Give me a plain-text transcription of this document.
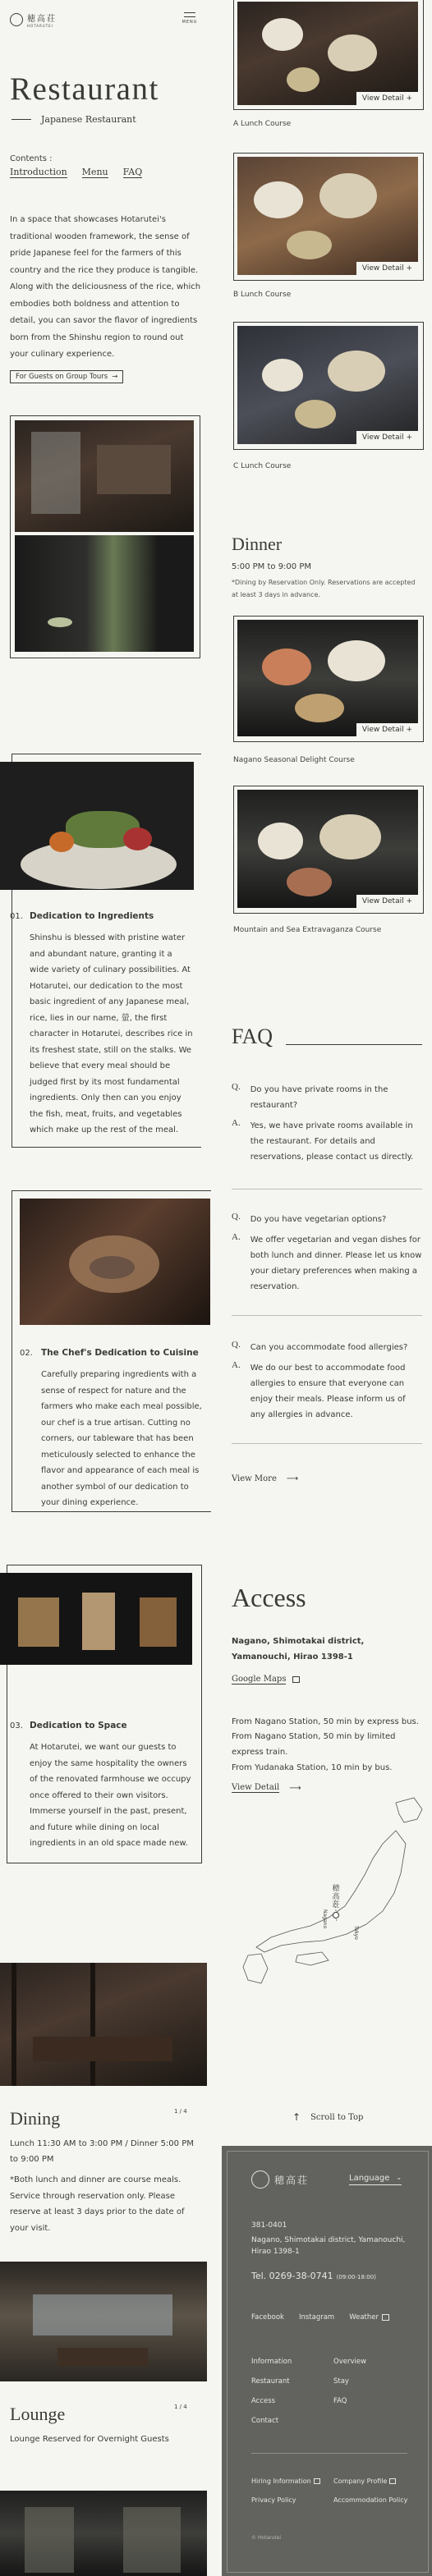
穂高荘
HOTARUTEI
MENU
Restaurant
Japanese Restaurant
Contents :
Introduction Menu FAQ
In a space that showcases Hotarutei's traditional wooden framework, the sense of pride Japanese feel for the farmers of this country and the rice they produce is tangible. Along with the deliciousness of the rice, which embodies both boldness and attention to detail, you can savor the flavor of ingredients born from the Shinshu region to round out your culinary experience.
For Guests on Group Tours →
01. Dedication to Ingredients
Shinshu is blessed with pristine water and abundant nature, granting it a wide variety of culinary possibilities. At Hotarutei, our dedication to the most basic ingredient of any Japanese meal, rice, lies in our name, 螢, the first character in Hotarutei, describes rice in its freshest state, still on the stalks. We believe that every meal should be judged first by its most fundamental ingredients. Only then can you enjoy the fish, meat, fruits, and vegetables which make up the rest of the meal.
02. The Chef's Dedication to Cuisine
Carefully preparing ingredients with a sense of respect for nature and the farmers who make each meal possible, our chef is a true artisan. Cutting no corners, our tableware that has been meticulously selected to enhance the flavor and appearance of each meal is another symbol of our dedication to your dining experience.
03. Dedication to Space
At Hotarutei, we want our guests to enjoy the same hospitality the owners of the renovated farmhouse we occupy once offered to their own visitors. Immerse yourself in the past, present, and future while dining on local ingredients in an old space made new.
Dining	1 / 4
Lunch 11:30 AM to 3:00 PM / Dinner 5:00 PM to 9:00 PM
*Both lunch and dinner are course meals. Service through reservation only. Please reserve at least 3 days prior to the date of your visit.
Lounge	1 / 4
Lounge Reserved for Overnight Guests
View Detail +
A Lunch Course
View Detail +
B Lunch Course
View Detail +
C Lunch Course
Dinner
5:00 PM to 9:00 PM
*Dining by Reservation Only. Reservations are accepted at least 3 days in advance.
View Detail +
Nagano Seasonal Delight Course
View Detail +
Mountain and Sea Extravaganza Course
FAQ
Q. Do you have private rooms in the restaurant?
A. Yes, we have private rooms available in the restaurant. For details and reservations, please contact us directly.
Q. Do you have vegetarian options?
A. We offer vegetarian and vegan dishes for both lunch and dinner. Please let us know your dietary preferences when making a reservation.
Q. Can you accommodate food allergies?
A. We do our best to accommodate food allergies to ensure that everyone can enjoy their meals. Please inform us of any allergies in advance.
View More ⟶
Access
Nagano, Shimotakai district, Yamanouchi, Hirao 1398-1
Google Maps
From Nagano Station, 50 min by express bus.
From Nagano Station, 50 min by limited express train.
From Yudanaka Station, 10 min by bus.
View Detail ⟶
穂高荘
Nagano
Tokyo
↑ Scroll to Top
穂高荘	Language ⌄
381-0401
Nagano, Shimotakai district, Yamanouchi, Hirao 1398-1
Tel. 0269-38-0741 (09:00-18:00)
Facebook Instagram Weather
Information	Overview
Restaurant	Stay
Access	FAQ
Contact
Hiring Information	Company Profile
Privacy Policy	Accommodation Policy
© Hotarutei
